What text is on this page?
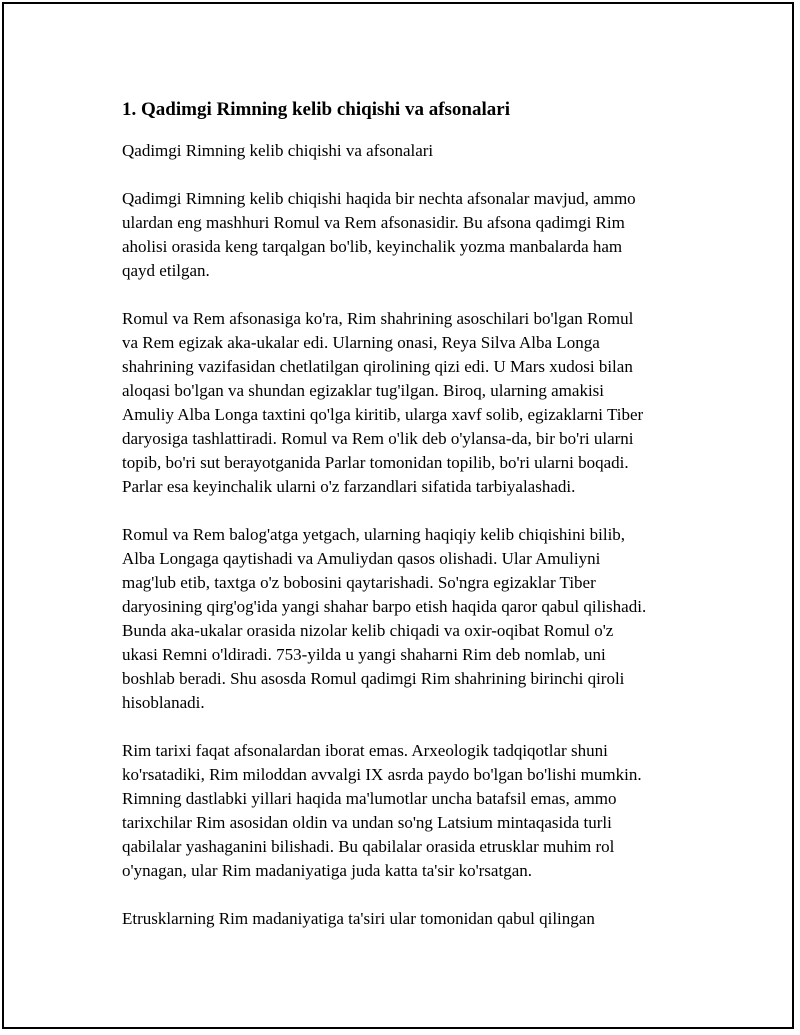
1. Qadimgi Rimning kelib chiqishi va afsonalari
Qadimgi Rimning kelib chiqishi va afsonalari
Qadimgi Rimning kelib chiqishi haqida bir nechta afsonalar mavjud, ammo
ulardan eng mashhuri Romul va Rem afsonasidir. Bu afsona qadimgi Rim
aholisi orasida keng tarqalgan bo'lib, keyinchalik yozma manbalarda ham
qayd etilgan.
Romul va Rem afsonasiga ko'ra, Rim shahrining asoschilari bo'lgan Romul
va Rem egizak aka-ukalar edi. Ularning onasi, Reya Silva Alba Longa
shahrining vazifasidan chetlatilgan qirolining qizi edi. U Mars xudosi bilan
aloqasi bo'lgan va shundan egizaklar tug'ilgan. Biroq, ularning amakisi
Amuliy Alba Longa taxtini qo'lga kiritib, ularga xavf solib, egizaklarni Tiber
daryosiga tashlattiradi. Romul va Rem o'lik deb o'ylansa-da, bir bo'ri ularni
topib, bo'ri sut berayotganida Parlar tomonidan topilib, bo'ri ularni boqadi.
Parlar esa keyinchalik ularni o'z farzandlari sifatida tarbiyalashadi.
Romul va Rem balog'atga yetgach, ularning haqiqiy kelib chiqishini bilib,
Alba Longaga qaytishadi va Amuliydan qasos olishadi. Ular Amuliyni
mag'lub etib, taxtga o'z bobosini qaytarishadi. So'ngra egizaklar Tiber
daryosining qirg'og'ida yangi shahar barpo etish haqida qaror qabul qilishadi.
Bunda aka-ukalar orasida nizolar kelib chiqadi va oxir-oqibat Romul o'z
ukasi Remni o'ldiradi. 753-yilda u yangi shaharni Rim deb nomlab, uni
boshlab beradi. Shu asosda Romul qadimgi Rim shahrining birinchi qiroli
hisoblanadi.
Rim tarixi faqat afsonalardan iborat emas. Arxeologik tadqiqotlar shuni
ko'rsatadiki, Rim miloddan avvalgi IX asrda paydo bo'lgan bo'lishi mumkin.
Rimning dastlabki yillari haqida ma'lumotlar uncha batafsil emas, ammo
tarixchilar Rim asosidan oldin va undan so'ng Latsium mintaqasida turli
qabilalar yashaganini bilishadi. Bu qabilalar orasida etrusklar muhim rol
o'ynagan, ular Rim madaniyatiga juda katta ta'sir ko'rsatgan.
Etrusklarning Rim madaniyatiga ta'siri ular tomonidan qabul qilingan
